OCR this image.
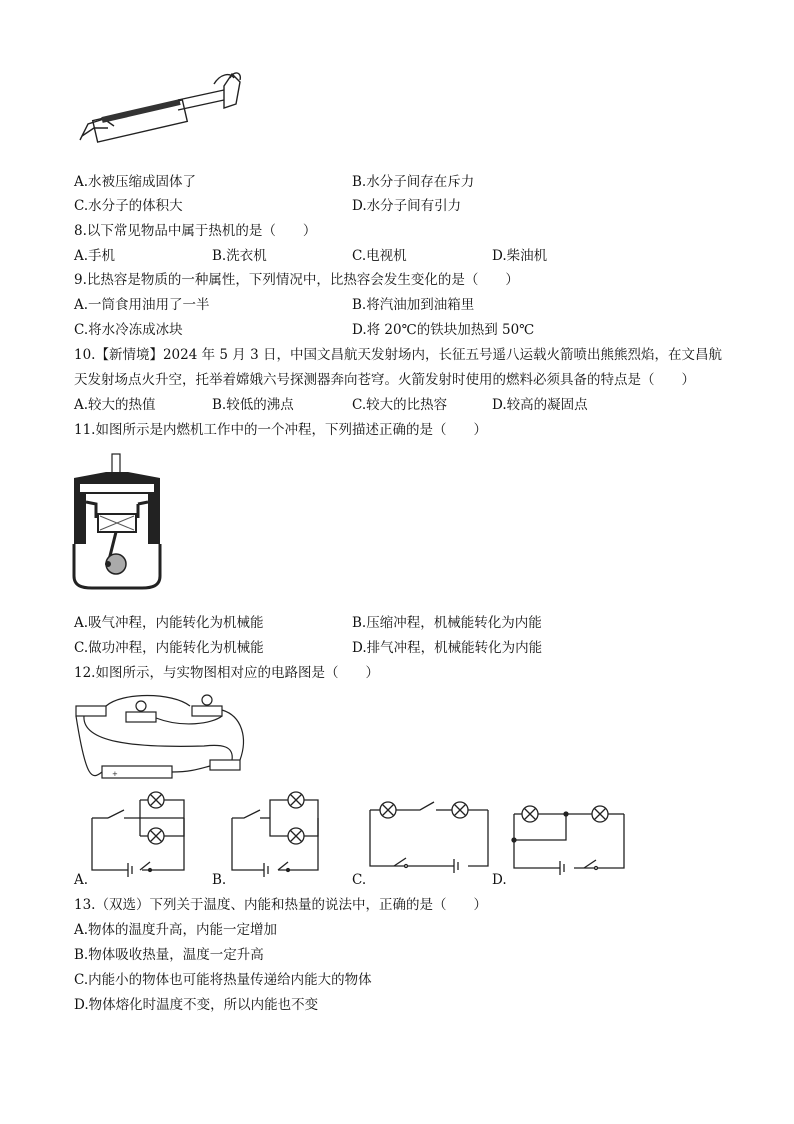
A.水被压缩成固体了	B.水分子间存在斥力
C.水分子的体积大	D.水分子间有引力
8.以下常见物品中属于热机的是（　　）
A.手机	B.洗衣机	C.电视机	D.柴油机
9.比热容是物质的一种属性，下列情况中，比热容会发生变化的是（　　）
A.一筒食用油用了一半	B.将汽油加到油箱里
C.将水冷冻成冰块	D.将 20℃的铁块加热到 50℃
10.【新情境】2024 年 5 月 3 日，中国文昌航天发射场内，长征五号遥八运载火箭喷出熊熊烈焰，在文昌航
天发射场点火升空，托举着嫦娥六号探测器奔向苍穹。火箭发射时使用的燃料必须具备的特点是（　　）
A.较大的热值	B.较低的沸点	C.较大的比热容	D.较高的凝固点
11.如图所示是内燃机工作中的一个冲程，下列描述正确的是（　　）
A.吸气冲程，内能转化为机械能	B.压缩冲程，机械能转化为内能
C.做功冲程，内能转化为机械能	D.排气冲程，机械能转化为内能
12.如图所示，与实物图相对应的电路图是（　　）
+
A.	B.	C.	D.
13.（双选）下列关于温度、内能和热量的说法中，正确的是（　　）
A.物体的温度升高，内能一定增加
B.物体吸收热量，温度一定升高
C.内能小的物体也可能将热量传递给内能大的物体
D.物体熔化时温度不变，所以内能也不变
